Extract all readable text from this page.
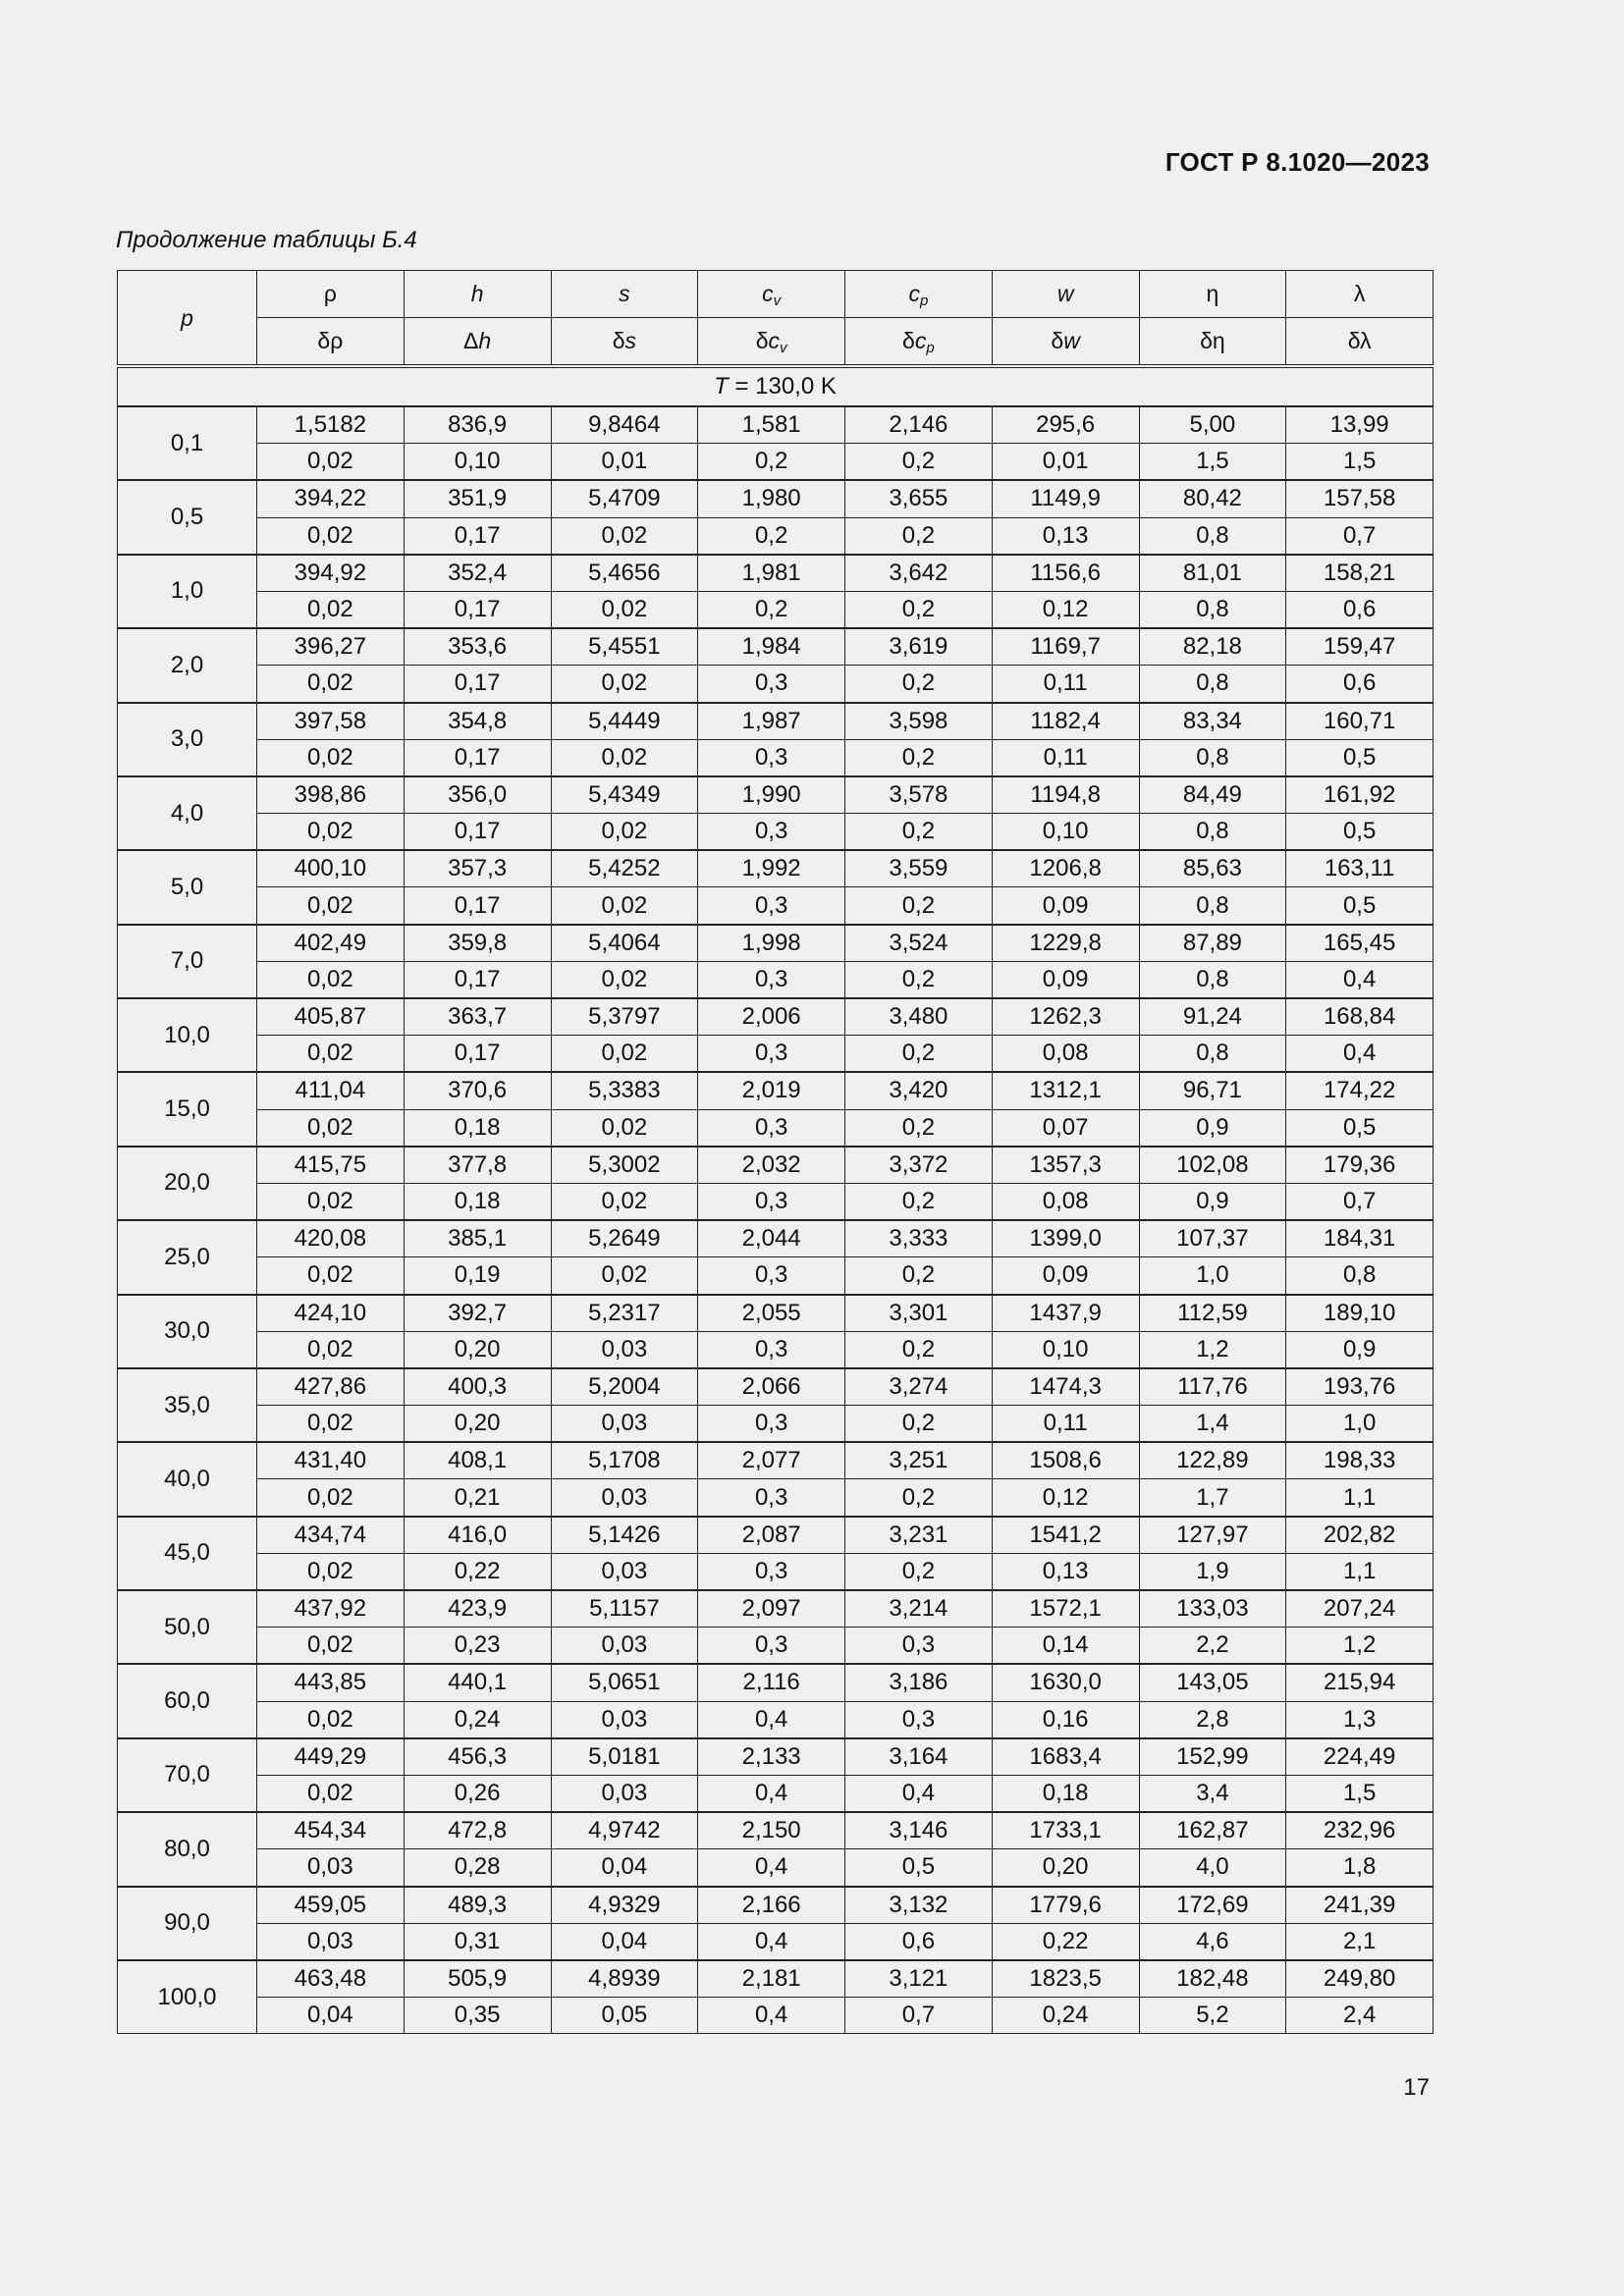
ГОСТ Р 8.1020—2023
Продолжение таблицы Б.4
p	ρ	h	s	$c_v$	$c_p$	w	η	λ
	δρ	Δh	δs	$\delta c_v$	$\delta c_p$	δw	δη	δλ
T = 130,0 K								
0,1	1,5182	836,9	9,8464	1,581	2,146	295,6	5,00	13,99
	0,02	0,10	0,01	0,2	0,2	0,01	1,5	1,5
0,5	394,22	351,9	5,4709	1,980	3,655	1149,9	80,42	157,58
	0,02	0,17	0,02	0,2	0,2	0,13	0,8	0,7
1,0	394,92	352,4	5,4656	1,981	3,642	1156,6	81,01	158,21
	0,02	0,17	0,02	0,2	0,2	0,12	0,8	0,6
2,0	396,27	353,6	5,4551	1,984	3,619	1169,7	82,18	159,47
	0,02	0,17	0,02	0,3	0,2	0,11	0,8	0,6
3,0	397,58	354,8	5,4449	1,987	3,598	1182,4	83,34	160,71
	0,02	0,17	0,02	0,3	0,2	0,11	0,8	0,5
4,0	398,86	356,0	5,4349	1,990	3,578	1194,8	84,49	161,92
	0,02	0,17	0,02	0,3	0,2	0,10	0,8	0,5
5,0	400,10	357,3	5,4252	1,992	3,559	1206,8	85,63	163,11
	0,02	0,17	0,02	0,3	0,2	0,09	0,8	0,5
7,0	402,49	359,8	5,4064	1,998	3,524	1229,8	87,89	165,45
	0,02	0,17	0,02	0,3	0,2	0,09	0,8	0,4
10,0	405,87	363,7	5,3797	2,006	3,480	1262,3	91,24	168,84
	0,02	0,17	0,02	0,3	0,2	0,08	0,8	0,4
15,0	411,04	370,6	5,3383	2,019	3,420	1312,1	96,71	174,22
	0,02	0,18	0,02	0,3	0,2	0,07	0,9	0,5
20,0	415,75	377,8	5,3002	2,032	3,372	1357,3	102,08	179,36
	0,02	0,18	0,02	0,3	0,2	0,08	0,9	0,7
25,0	420,08	385,1	5,2649	2,044	3,333	1399,0	107,37	184,31
	0,02	0,19	0,02	0,3	0,2	0,09	1,0	0,8
30,0	424,10	392,7	5,2317	2,055	3,301	1437,9	112,59	189,10
	0,02	0,20	0,03	0,3	0,2	0,10	1,2	0,9
35,0	427,86	400,3	5,2004	2,066	3,274	1474,3	117,76	193,76
	0,02	0,20	0,03	0,3	0,2	0,11	1,4	1,0
40,0	431,40	408,1	5,1708	2,077	3,251	1508,6	122,89	198,33
	0,02	0,21	0,03	0,3	0,2	0,12	1,7	1,1
45,0	434,74	416,0	5,1426	2,087	3,231	1541,2	127,97	202,82
	0,02	0,22	0,03	0,3	0,2	0,13	1,9	1,1
50,0	437,92	423,9	5,1157	2,097	3,214	1572,1	133,03	207,24
	0,02	0,23	0,03	0,3	0,3	0,14	2,2	1,2
60,0	443,85	440,1	5,0651	2,116	3,186	1630,0	143,05	215,94
	0,02	0,24	0,03	0,4	0,3	0,16	2,8	1,3
70,0	449,29	456,3	5,0181	2,133	3,164	1683,4	152,99	224,49
	0,02	0,26	0,03	0,4	0,4	0,18	3,4	1,5
80,0	454,34	472,8	4,9742	2,150	3,146	1733,1	162,87	232,96
	0,03	0,28	0,04	0,4	0,5	0,20	4,0	1,8
90,0	459,05	489,3	4,9329	2,166	3,132	1779,6	172,69	241,39
	0,03	0,31	0,04	0,4	0,6	0,22	4,6	2,1
100,0	463,48	505,9	4,8939	2,181	3,121	1823,5	182,48	249,80
	0,04	0,35	0,05	0,4	0,7	0,24	5,2	2,4
17
